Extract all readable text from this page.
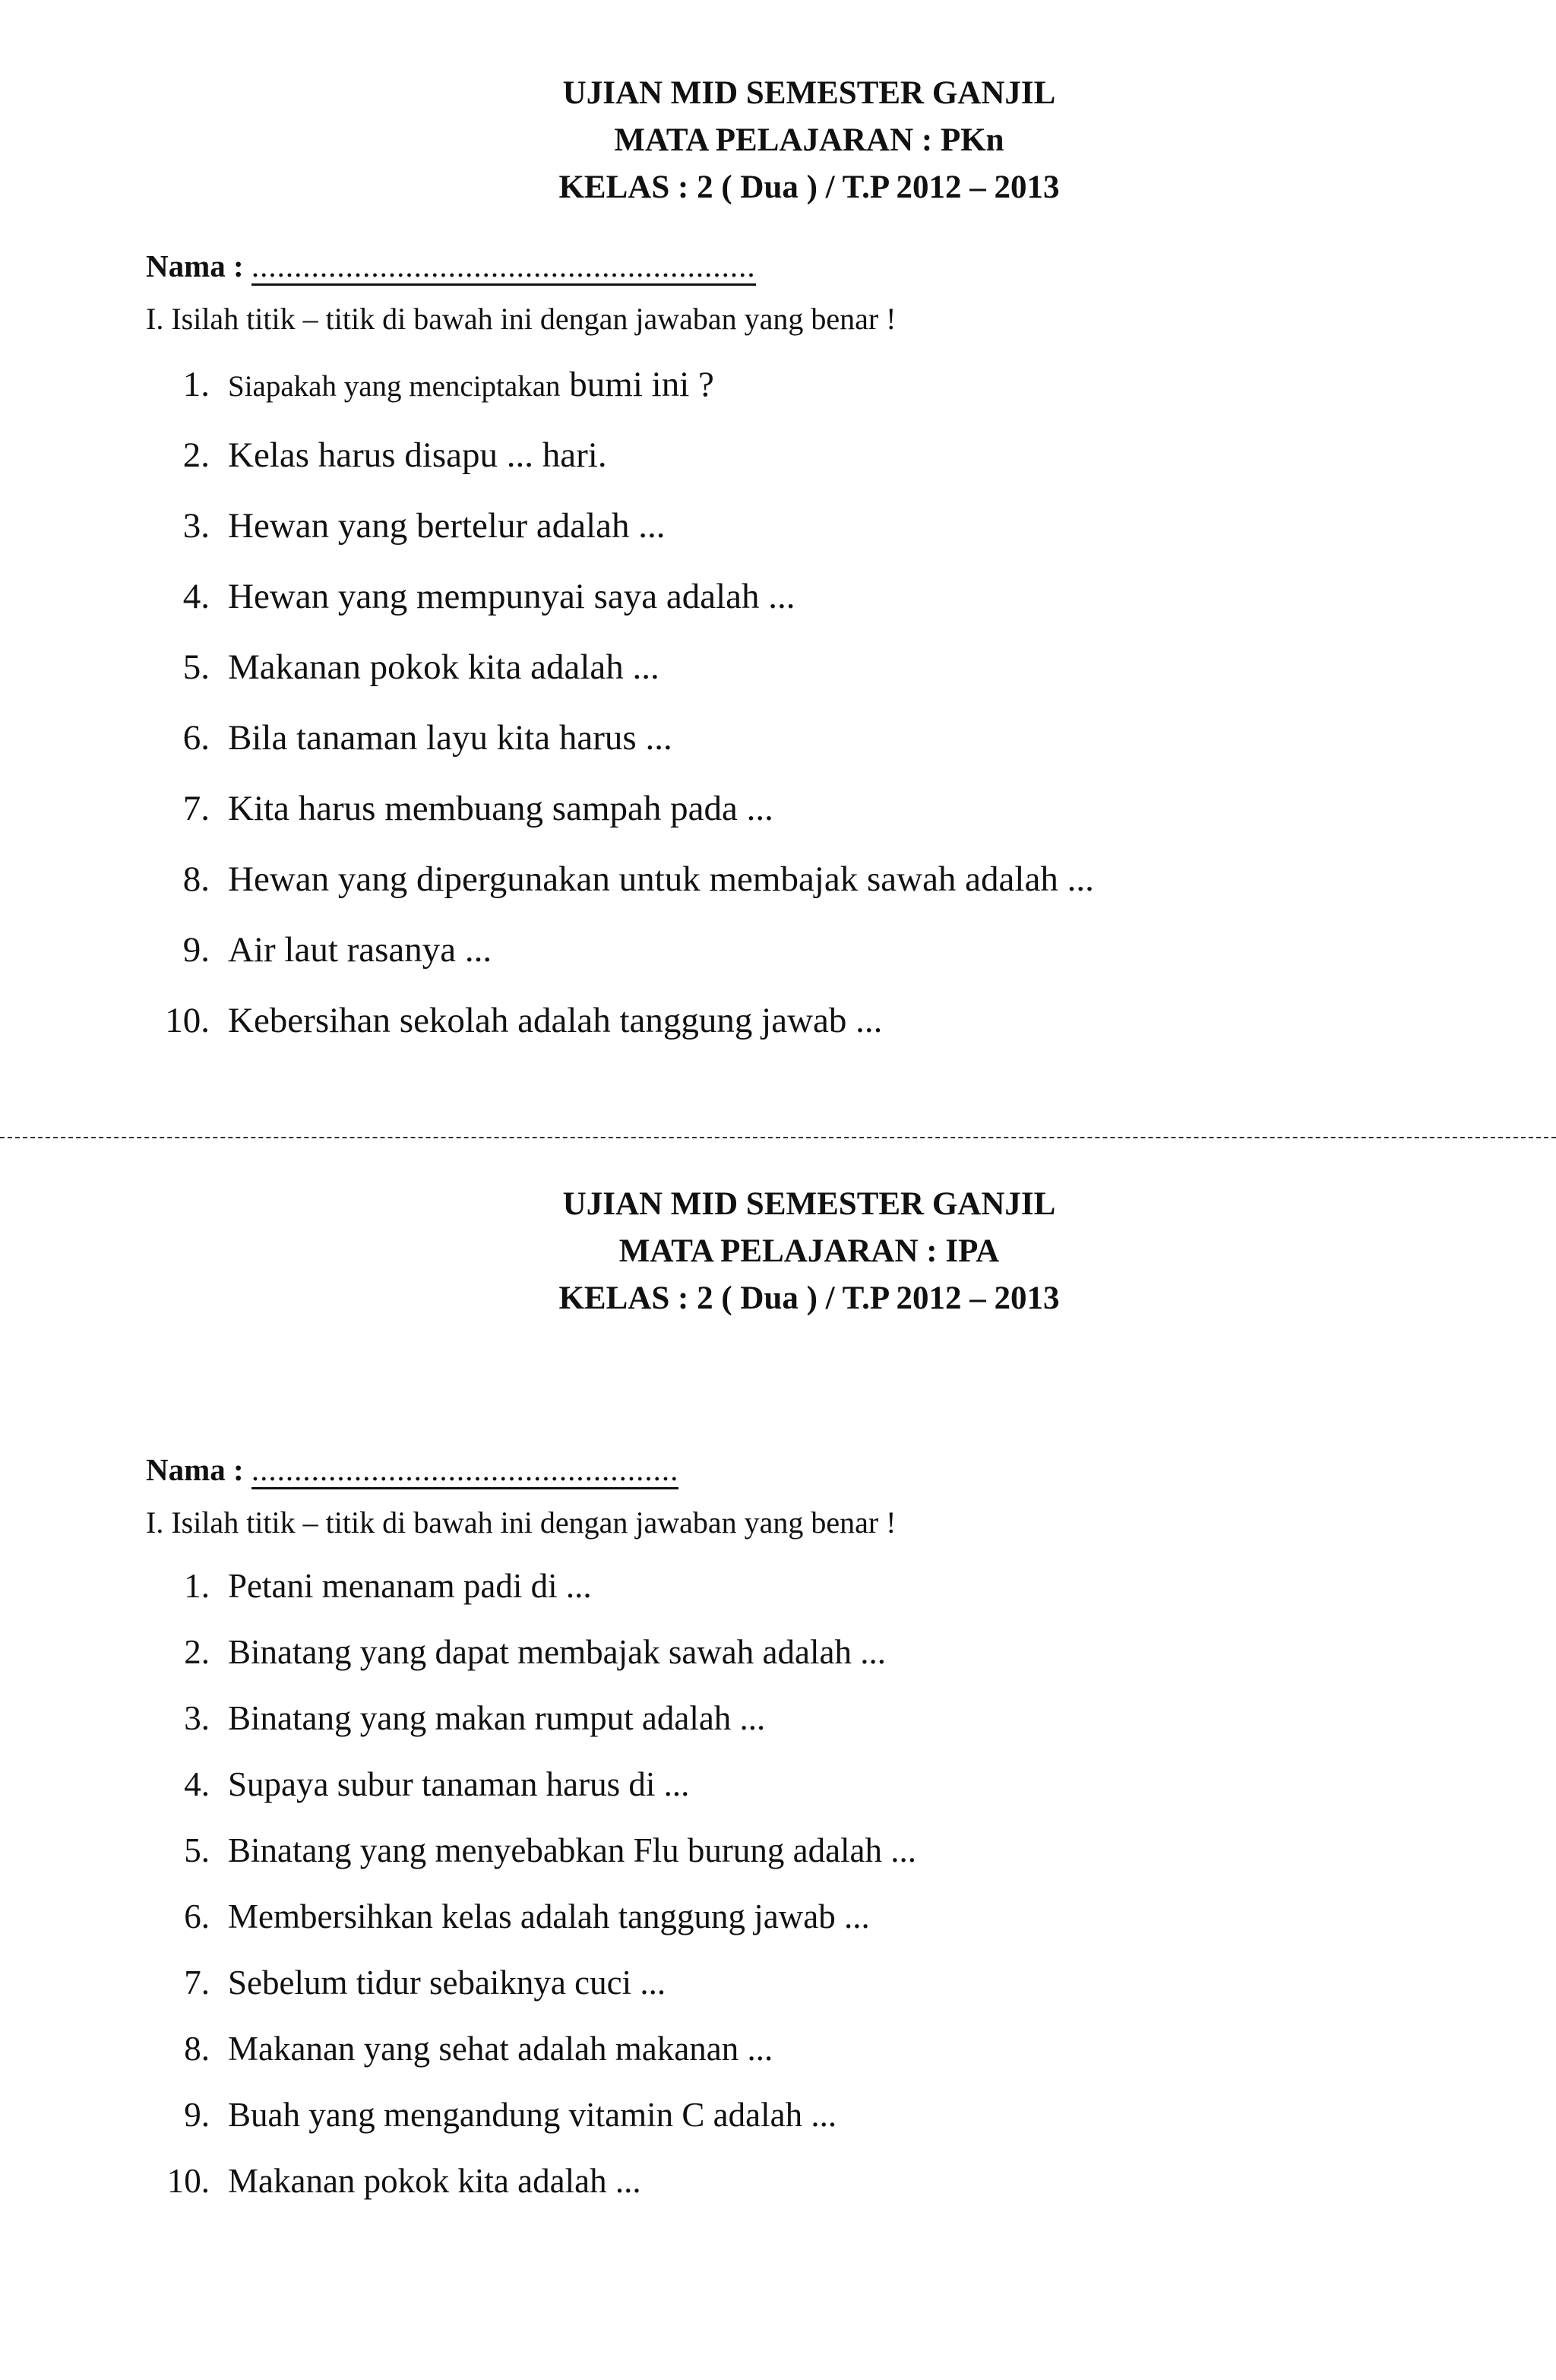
UJIAN MID SEMESTER GANJIL
MATA PELAJARAN : PKn
KELAS : 2 ( Dua ) / T.P 2012 – 2013
Nama : ...........................................................
I. Isilah titik – titik di bawah ini dengan jawaban yang benar !
1. Siapakah yang menciptakan bumi ini ?
2. Kelas harus disapu ... hari.
3. Hewan yang bertelur adalah ...
4. Hewan yang mempunyai saya adalah ...
5. Makanan pokok kita adalah ...
6. Bila tanaman layu kita harus ...
7. Kita harus membuang sampah pada ...
8. Hewan yang dipergunakan untuk membajak sawah adalah ...
9. Air laut rasanya ...
10. Kebersihan sekolah adalah tanggung jawab ...
UJIAN MID SEMESTER GANJIL
MATA PELAJARAN : IPA
KELAS : 2 ( Dua ) / T.P 2012 – 2013
Nama : ..................................................
I. Isilah titik – titik di bawah ini dengan jawaban yang benar !
1. Petani menanam padi di ...
2. Binatang yang dapat membajak sawah adalah ...
3. Binatang yang makan rumput adalah ...
4. Supaya subur tanaman harus di ...
5. Binatang yang menyebabkan Flu burung adalah ...
6. Membersihkan kelas adalah tanggung jawab ...
7. Sebelum tidur sebaiknya cuci ...
8. Makanan yang sehat adalah makanan ...
9. Buah yang mengandung vitamin C adalah ...
10. Makanan pokok kita adalah ...
